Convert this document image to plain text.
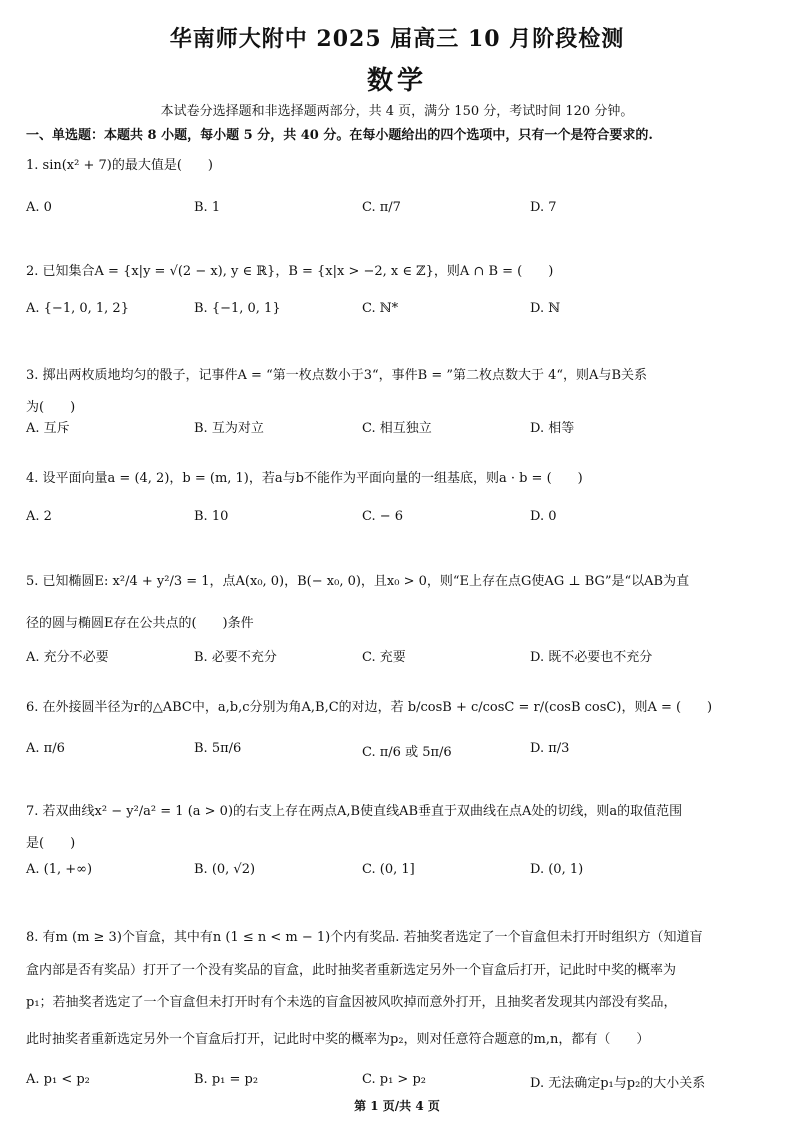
华南师大附中 2025 届高三 10 月阶段检测
数学
本试卷分选择题和非选择题两部分，共 4 页，满分 150 分，考试时间 120 分钟。
一、单选题：本题共 8 小题，每小题 5 分，共 40 分。在每小题给出的四个选项中，只有一个是符合要求的.
1. sin(x² + 7)的最大值是(　　)
A. 0	B. 1	C. π/7	D. 7
2. 已知集合A = {x|y = √(2 − x), y ∈ ℝ}，B = {x|x > −2, x ∈ ℤ}，则A ∩ B = (　　)
A. {−1, 0, 1, 2}	B. {−1, 0, 1}	C. ℕ*	D. ℕ
3. 掷出两枚质地均匀的骰子，记事件A = “第一枚点数小于3“，事件B = ”第二枚点数大于 4“，则A与B关系
为(　　)
A. 互斥	B. 互为对立	C. 相互独立	D. 相等
4. 设平面向量a = (4, 2)，b = (m, 1)，若a与b不能作为平面向量的一组基底，则a · b = (　　)
A. 2	B. 10	C. − 6	D. 0
5. 已知椭圆E: x²/4 + y²/3 = 1，点A(x₀, 0)，B(− x₀, 0)，且x₀ > 0，则“E上存在点G使AG ⊥ BG”是“以AB为直
径的圆与椭圆E存在公共点的(　　)条件
A. 充分不必要	B. 必要不充分	C. 充要	D. 既不必要也不充分
6. 在外接圆半径为r的△ABC中，a,b,c分别为角A,B,C的对边，若 b/cosB + c/cosC = r/(cosB cosC)，则A = (　　)
A. π/6	B. 5π/6	C. π/6 或 5π/6	D. π/3
7. 若双曲线x² − y²/a² = 1 (a > 0)的右支上存在两点A,B使直线AB垂直于双曲线在点A处的切线，则a的取值范围
是(　　)
A. (1, +∞)	B. (0, √2)	C. (0, 1]	D. (0, 1)
8. 有m (m ≥ 3)个盲盒，其中有n (1 ≤ n < m − 1)个内有奖品. 若抽奖者选定了一个盲盒但未打开时组织方（知道盲
盒内部是否有奖品）打开了一个没有奖品的盲盒，此时抽奖者重新选定另外一个盲盒后打开，记此时中奖的概率为
p₁；若抽奖者选定了一个盲盒但未打开时有个未选的盲盒因被风吹掉而意外打开，且抽奖者发现其内部没有奖品，
此时抽奖者重新选定另外一个盲盒后打开，记此时中奖的概率为p₂，则对任意符合题意的m,n，都有（　　）
A. p₁ < p₂	B. p₁ = p₂	C. p₁ > p₂	D. 无法确定p₁与p₂的大小关系
第 1 页/共 4 页
